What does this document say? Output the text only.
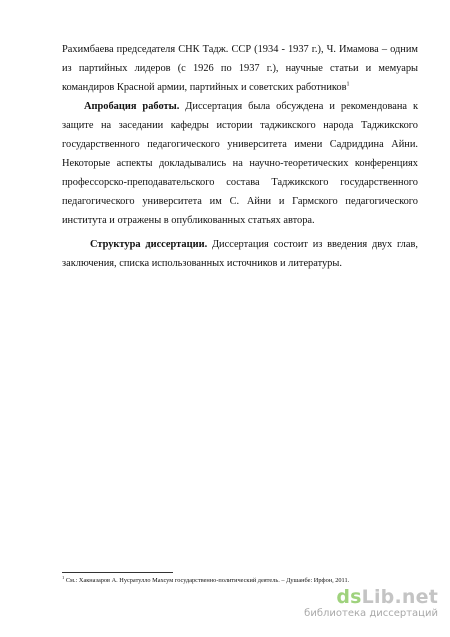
Рахимбаева председателя СНК Тадж. ССР (1934 - 1937 г.), Ч. Имамова – одним из партийных лидеров (с 1926 по 1937 г.), научные статьи и мемуары командиров Красной армии, партийных и советских работников$^1$

Апробация работы. Диссертация была обсуждена и рекомендована к защите на заседании кафедры истории таджикского народа Таджикского государственного педагогического университета имени Садриддина Айни. Некоторые аспекты докладывались на научно-теоретических конференциях профессорско-преподавательского состава Таджикского государственного педагогического университета им С. Айни и Гармского педагогического института и отражены в опубликованных статьях автора.

Структура диссертации. Диссертация состоит из введения двух глав, заключения, списка использованных источников и литературы.

$^1$ См.: Хакназаров А. Нусратулло Махсум государственно-политический деятель. – Душанбе: Ирфон, 2011.
dsLib.net
библиотека диссертаций
